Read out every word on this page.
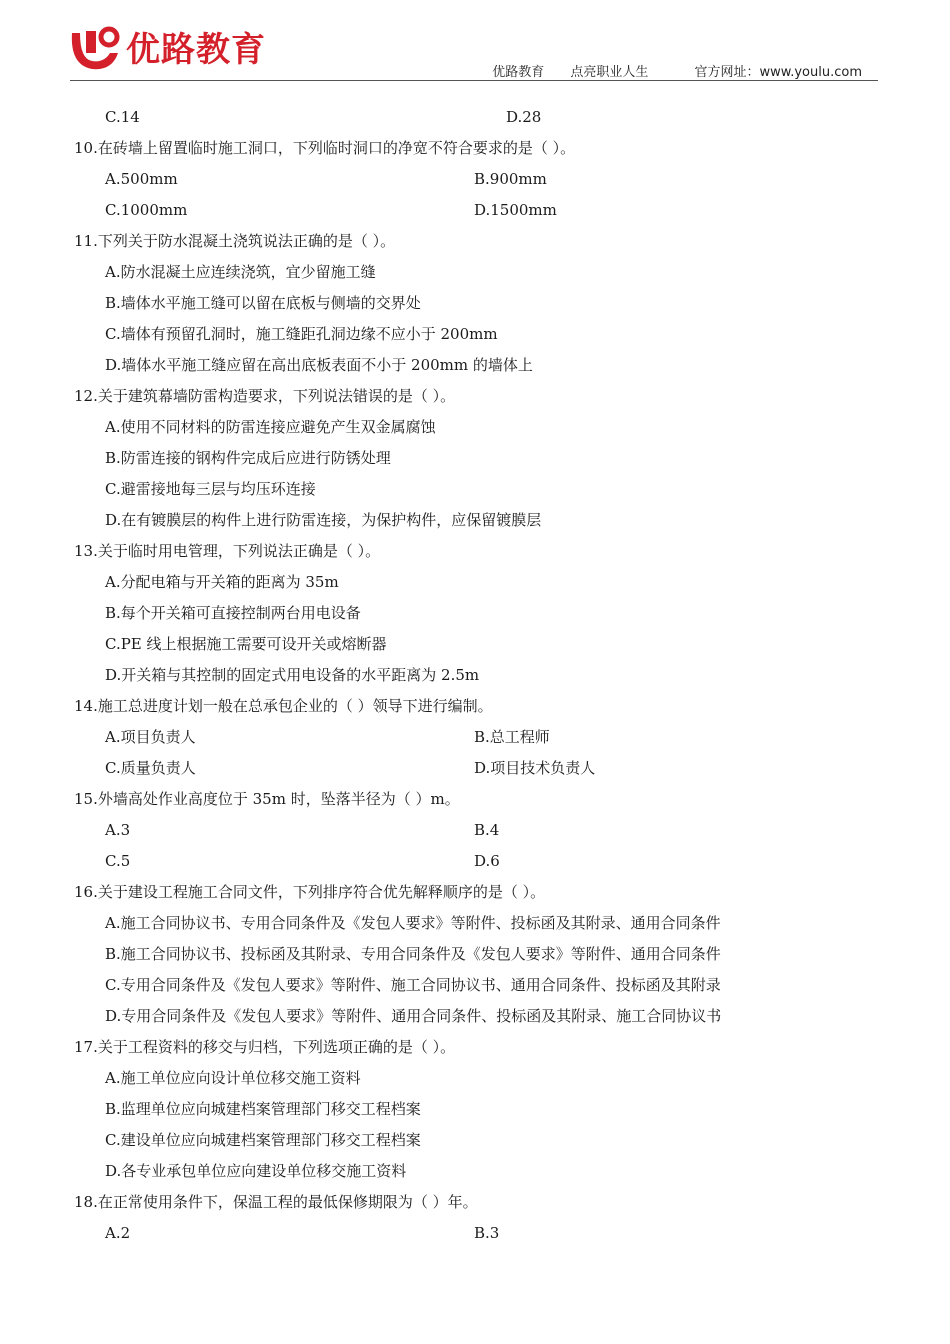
优路教育
优路教育 点亮职业人生	官方网址：www.youlu.com
C.14	D.28
10.在砖墙上留置临时施工洞口，下列临时洞口的净宽不符合要求的是（ ）。
A.500mm	B.900mm
C.1000mm	D.1500mm
11.下列关于防水混凝土浇筑说法正确的是（ ）。
A.防水混凝土应连续浇筑，宜少留施工缝
B.墙体水平施工缝可以留在底板与侧墙的交界处
C.墙体有预留孔洞时，施工缝距孔洞边缘不应小于 200mm
D.墙体水平施工缝应留在高出底板表面不小于 200mm 的墙体上
12.关于建筑幕墙防雷构造要求，下列说法错误的是（ ）。
A.使用不同材料的防雷连接应避免产生双金属腐蚀
B.防雷连接的钢构件完成后应进行防锈处理
C.避雷接地每三层与均压环连接
D.在有镀膜层的构件上进行防雷连接，为保护构件，应保留镀膜层
13.关于临时用电管理，下列说法正确是（ ）。
A.分配电箱与开关箱的距离为 35m
B.每个开关箱可直接控制两台用电设备
C.PE 线上根据施工需要可设开关或熔断器
D.开关箱与其控制的固定式用电设备的水平距离为 2.5m
14.施工总进度计划一般在总承包企业的（ ）领导下进行编制。
A.项目负责人	B.总工程师
C.质量负责人	D.项目技术负责人
15.外墙高处作业高度位于 35m 时，坠落半径为（ ）m。
A.3	B.4
C.5	D.6
16.关于建设工程施工合同文件，下列排序符合优先解释顺序的是（ ）。
A.施工合同协议书、专用合同条件及《发包人要求》等附件、投标函及其附录、通用合同条件
B.施工合同协议书、投标函及其附录、专用合同条件及《发包人要求》等附件、通用合同条件
C.专用合同条件及《发包人要求》等附件、施工合同协议书、通用合同条件、投标函及其附录
D.专用合同条件及《发包人要求》等附件、通用合同条件、投标函及其附录、施工合同协议书
17.关于工程资料的移交与归档，下列选项正确的是（ ）。
A.施工单位应向设计单位移交施工资料
B.监理单位应向城建档案管理部门移交工程档案
C.建设单位应向城建档案管理部门移交工程档案
D.各专业承包单位应向建设单位移交施工资料
18.在正常使用条件下，保温工程的最低保修期限为（ ）年。
A.2	B.3
